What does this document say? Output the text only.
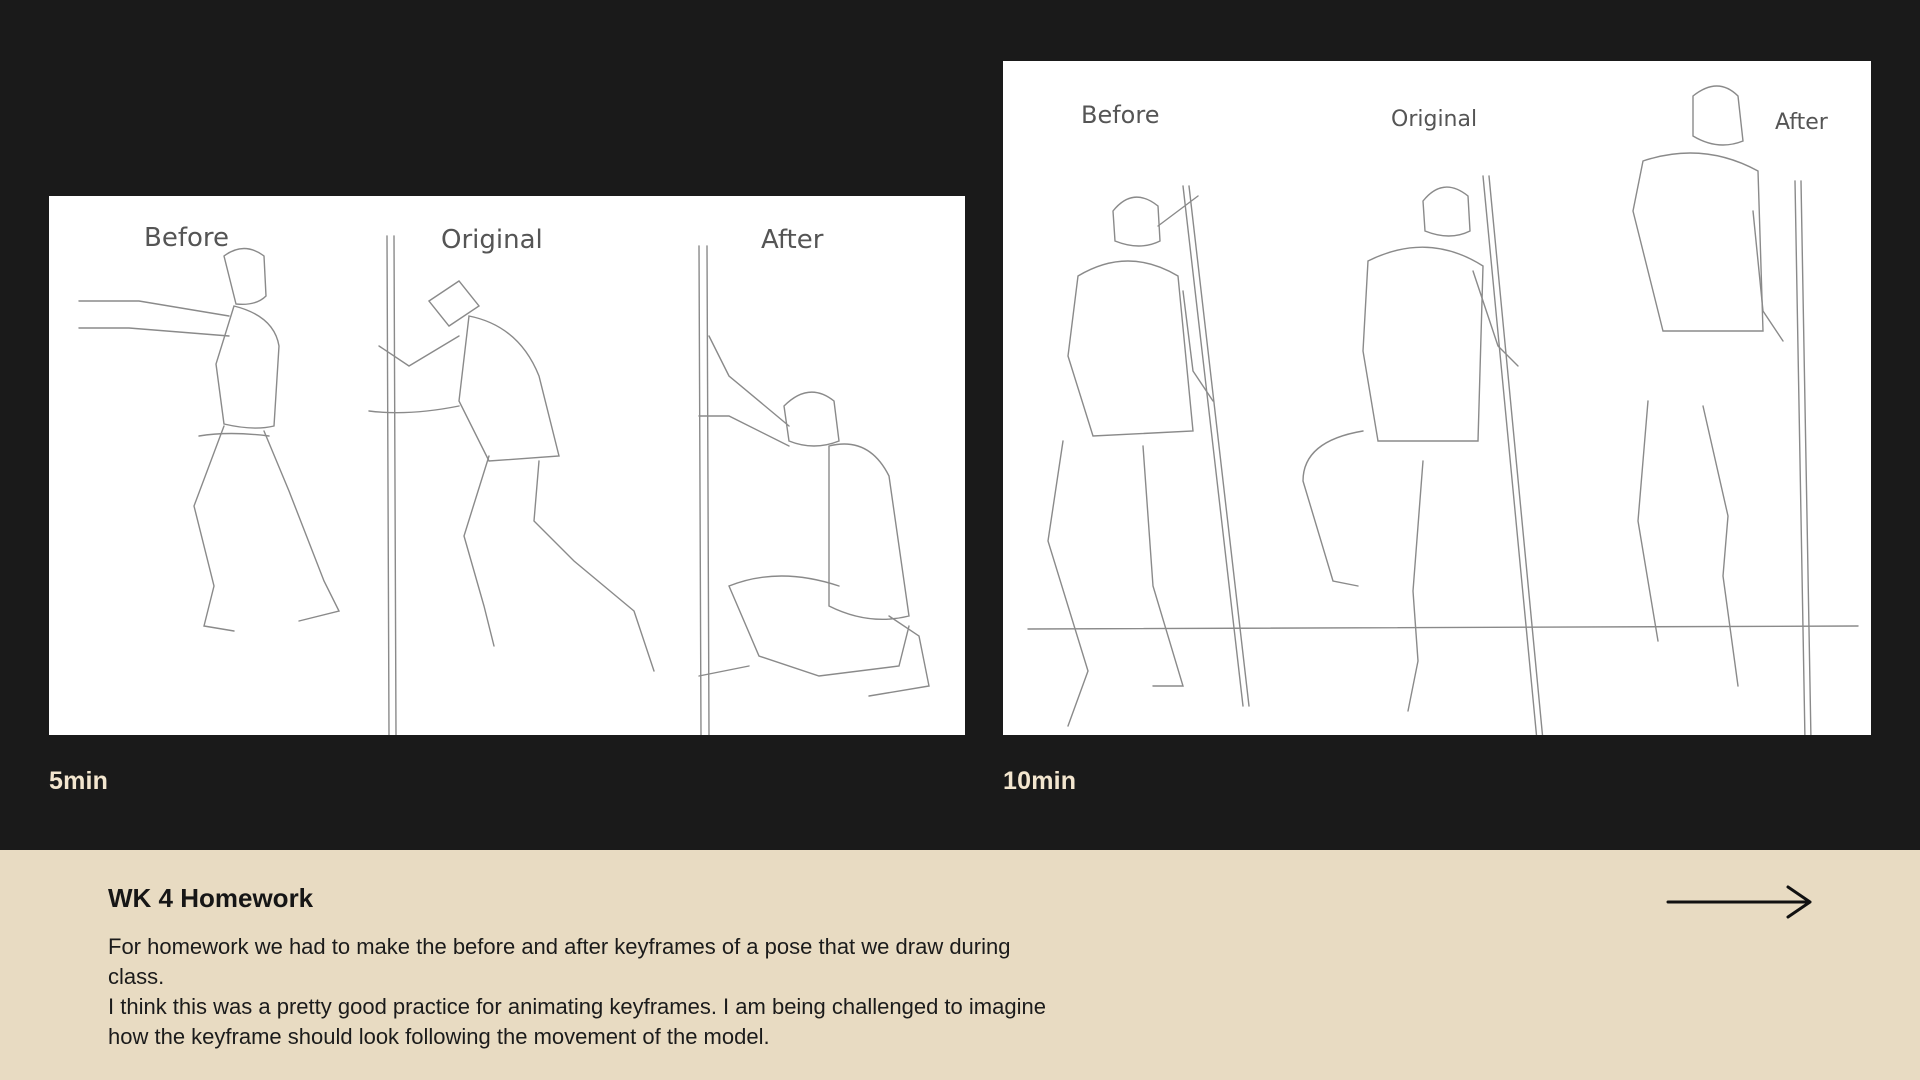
Before	Original	After
5min
Before	Original	After
10min
WK 4 Homework

For homework we had to make the before and after keyframes of a pose that we draw during class.

I think this was a pretty good practice for animating keyframes. I am being challenged to imagine how the keyframe should look following the movement of the model.
